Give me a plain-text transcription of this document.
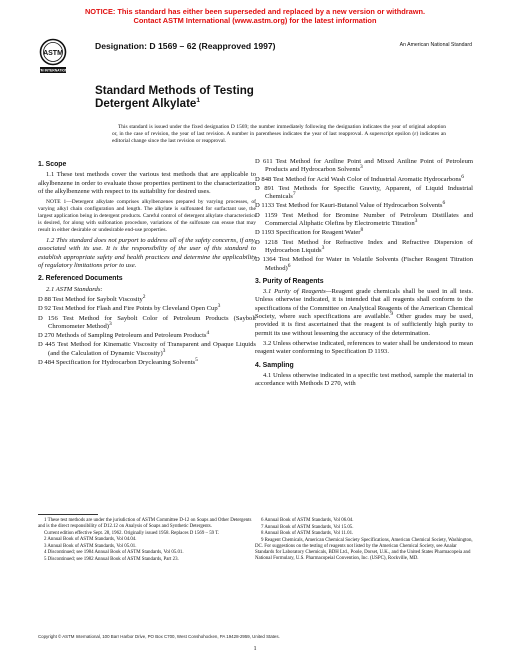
NOTICE: This standard has either been superseded and replaced by a new version or withdrawn.
Contact ASTM International (www.astm.org) for the latest information
ASTM
ASTM INTERNATIONAL
Designation: D 1569 – 62 (Reapproved 1997)	An American National Standard
Standard Methods of Testing
Detergent Alkylate$^1$
This standard is issued under the fixed designation D 1569; the number immediately following the designation indicates the year of original adoption or, in the case of revision, the year of last revision. A number in parentheses indicates the year of last reapproval. A superscript epsilon (ε) indicates an editorial change since the last revision or reapproval.
1. Scope

1.1 These test methods cover the various test methods that are applicable to alkylbenzene in order to evaluate those properties pertinent to the characterization of the alkylbenzene with respect to its suitability for desired uses.

NOTE 1—Detergent alkylate comprises alkylbenzenes prepared by varying processes, of varying alkyl chain configuration and length. The alkylate is sulfonated for surfactant use, the largest application being in detergent products. Careful control of detergent alkylate characteristics is desired, for along with sulfonation procedure, variations of the sulfonate can ensue that may result in either desirable or undesirable end-use properties.

1.2 This standard does not purport to address all of the safety concerns, if any, associated with its use. It is the responsibility of the user of this standard to establish appropriate safety and health practices and determine the applicability of regulatory limitations prior to use.

2. Referenced Documents

2.1 ASTM Standards:

D 88 Test Method for Saybolt Viscosity$^2$
D 92 Test Method for Flash and Fire Points by Cleveland Open Cup$^3$
D 156 Test Method for Saybolt Color of Petroleum Products (Saybolt Chromometer Method)$^3$
D 270 Methods of Sampling Petroleum and Petroleum Products$^4$
D 445 Test Method for Kinematic Viscosity of Transparent and Opaque Liquids (and the Calculation of Dynamic Viscosity)$^3$
D 484 Specification for Hydrocarbon Drycleaning Solvents$^5$
D 611 Test Method for Aniline Point and Mixed Aniline Point of Petroleum Products and Hydrocarbon Solvents$^3$
D 848 Test Method for Acid Wash Color of Industrial Aromatic Hydrocarbons$^6$
D 891 Test Methods for Specific Gravity, Apparent, of Liquid Industrial Chemicals$^7$
D 1133 Test Method for Kauri-Butanol Value of Hydrocarbon Solvents$^6$
D 1159 Test Method for Bromine Number of Petroleum Distillates and Commercial Aliphatic Olefins by Electrometric Titration$^3$
D 1193 Specification for Reagent Water$^8$
D 1218 Test Method for Refractive Index and Refractive Dispersion of Hydrocarbon Liquids$^3$
D 1364 Test Method for Water in Volatile Solvents (Fischer Reagent Titration Method)$^6$
3. Purity of Reagents

3.1 Purity of Reagents—Reagent grade chemicals shall be used in all tests. Unless otherwise indicated, it is intended that all reagents shall conform to the specifications of the Committee on Analytical Reagents of the American Chemical Society, where such specifications are available.$^9$ Other grades may be used, provided it is first ascertained that the reagent is of sufficiently high purity to permit its use without lessening the accuracy of the determination.

3.2 Unless otherwise indicated, references to water shall be understood to mean reagent water conforming to Specification D 1193.

4. Sampling

4.1 Unless otherwise indicated in a specific test method, sample the material in accordance with Methods D 270, with

1 These test methods are under the jurisdiction of ASTM Committee D-12 on Soaps and Other Detergents and is the direct responsibility of D12.12 on Analysis of Soaps and Synthetic Detergents.
Current edition effective Sept. 28, 1962. Originally issued 1958. Replaces D 1569 – 59 T.
2 Annual Book of ASTM Standards, Vol 04.04.
3 Annual Book of ASTM Standards, Vol 05.01.
4 Discontinued; see 1984 Annual Book of ASTM Standards, Vol 05.01.
5 Discontinued; see 1982 Annual Book of ASTM Standards, Part 23.
6 Annual Book of ASTM Standards, Vol 06.04.
7 Annual Book of ASTM Standards, Vol 15.05.
8 Annual Book of ASTM Standards, Vol 11.01.
9 Reagent Chemicals, American Chemical Society Specifications, American Chemical Society, Washington, DC. For suggestions on the testing of reagents not listed by the American Chemical Society, see Analar Standards for Laboratory Chemicals, BDH Ltd., Poole, Dorset, U.K., and the United States Pharmacopeia and National Formulary, U.S. Pharmacopeial Convention, Inc. (USPC), Rockville, MD.
Copyright © ASTM International, 100 Barr Harbor Drive, PO Box C700, West Conshohocken, PA 19428-2959, United States.
1
